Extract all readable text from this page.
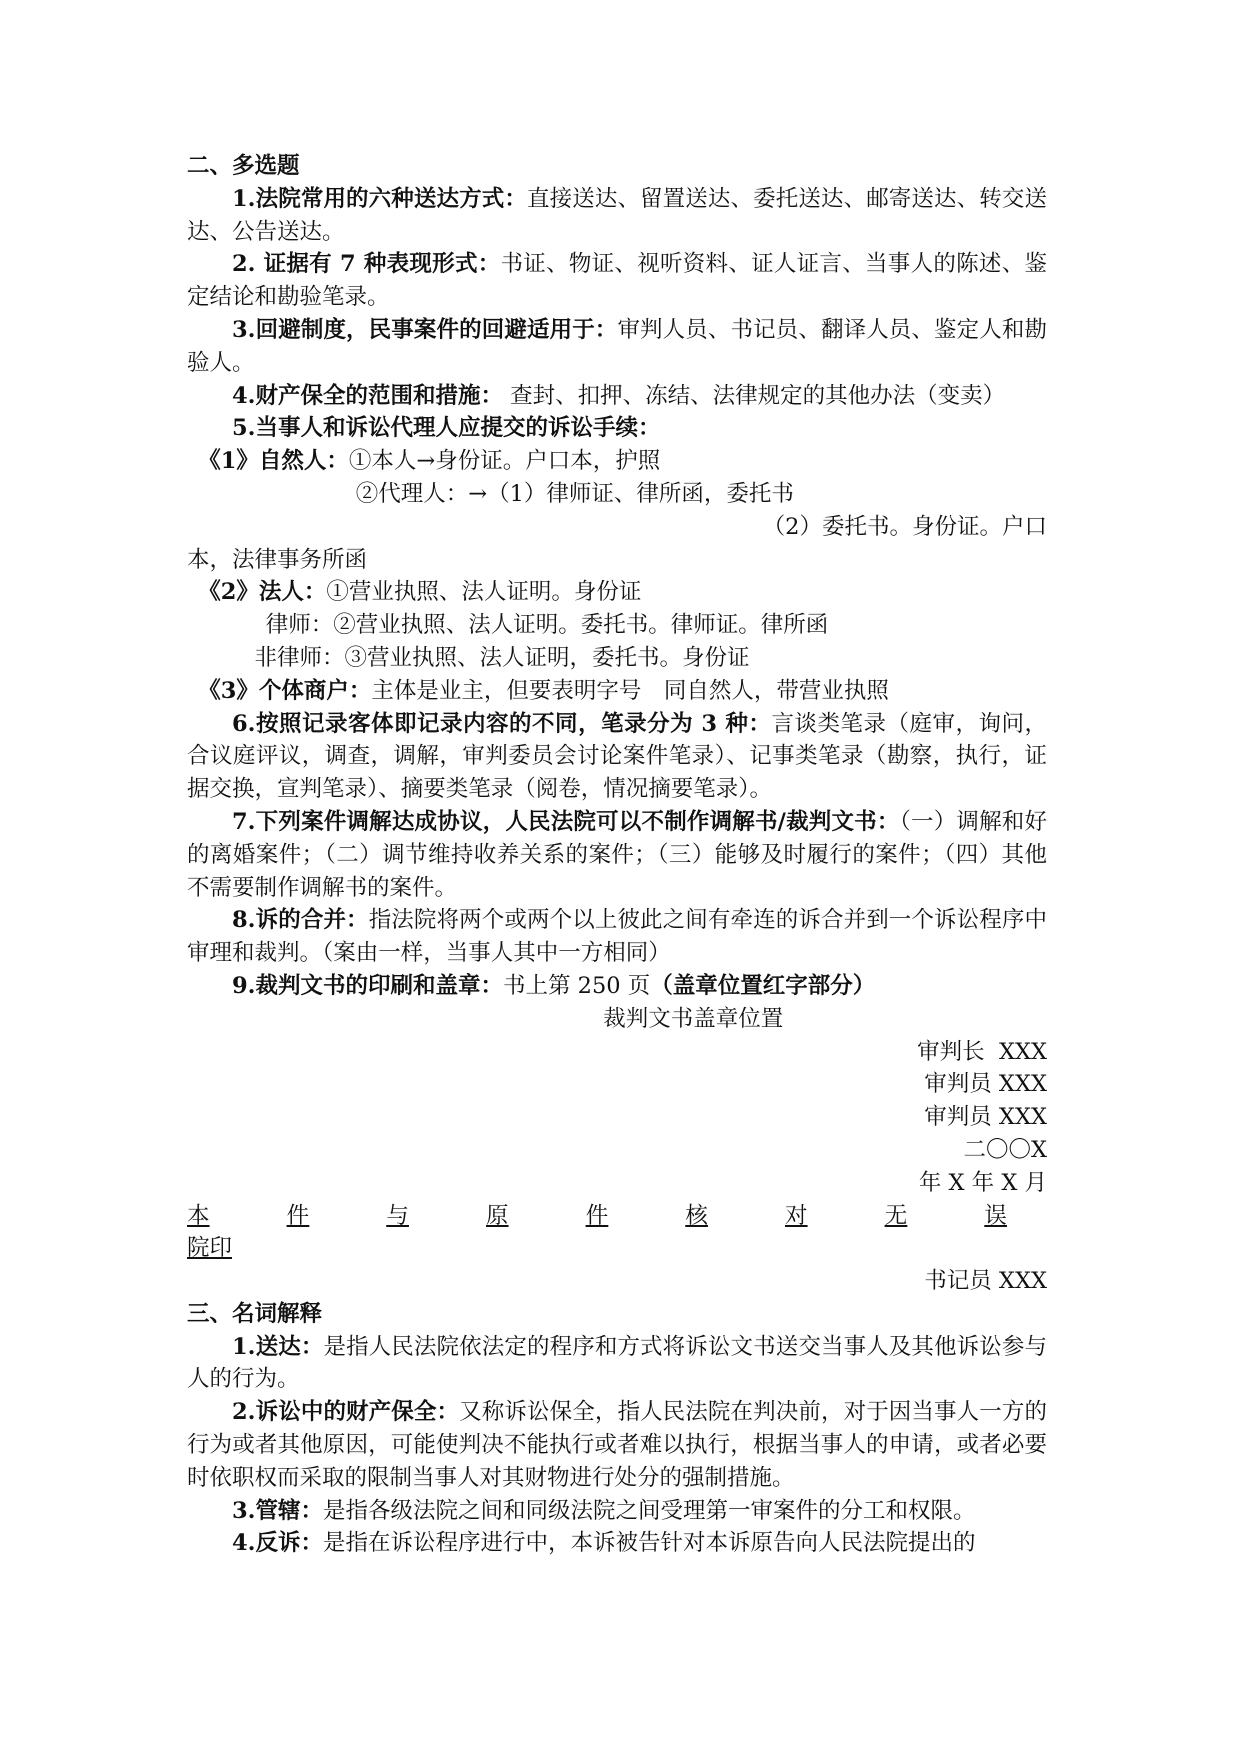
二、多选题

1.法院常用的六种送达方式：直接送达、留置送达、委托送达、邮寄送达、转交送达、公告送达。

2. 证据有 7 种表现形式：书证、物证、视听资料、证人证言、当事人的陈述、鉴定结论和勘验笔录。

3.回避制度，民事案件的回避适用于：审判人员、书记员、翻译人员、鉴定人和勘验人。

4.财产保全的范围和措施： 查封、扣押、冻结、法律规定的其他办法（变卖）

5.当事人和诉讼代理人应提交的诉讼手续：

《1》自然人：①本人→身份证。户口本，护照

②代理人：→（1）律师证、律所函，委托书

（2）委托书。身份证。户口

本，法律事务所函

《2》法人：①营业执照、法人证明。身份证

律师：②营业执照、法人证明。委托书。律师证。律所函

非律师：③营业执照、法人证明，委托书。身份证

《3》个体商户：主体是业主，但要表明字号　同自然人，带营业执照

6.按照记录客体即记录内容的不同，笔录分为 3 种：言谈类笔录（庭审，询问，合议庭评议，调查，调解，审判委员会讨论案件笔录）、记事类笔录（勘察，执行，证据交换，宣判笔录）、摘要类笔录（阅卷，情况摘要笔录）。

7.下列案件调解达成协议，人民法院可以不制作调解书/裁判文书：（一）调解和好的离婚案件；（二）调节维持收养关系的案件；（三）能够及时履行的案件；（四）其他不需要制作调解书的案件。

8.诉的合并：指法院将两个或两个以上彼此之间有牵连的诉合并到一个诉讼程序中审理和裁判。（案由一样，当事人其中一方相同）

9.裁判文书的印刷和盖章：书上第 250 页（盖章位置红字部分）

裁判文书盖章位置

审判长  XXX

审判员 XXX

审判员 XXX

二〇〇X

年 X 年 X 月

本	件	与	原	件	核	对	无	误

院印

书记员 XXX

三、名词解释

1.送达：是指人民法院依法定的程序和方式将诉讼文书送交当事人及其他诉讼参与人的行为。

2.诉讼中的财产保全：又称诉讼保全，指人民法院在判决前，对于因当事人一方的行为或者其他原因，可能使判决不能执行或者难以执行，根据当事人的申请，或者必要时依职权而采取的限制当事人对其财物进行处分的强制措施。

3.管辖：是指各级法院之间和同级法院之间受理第一审案件的分工和权限。

4.反诉：是指在诉讼程序进行中，本诉被告针对本诉原告向人民法院提出的
